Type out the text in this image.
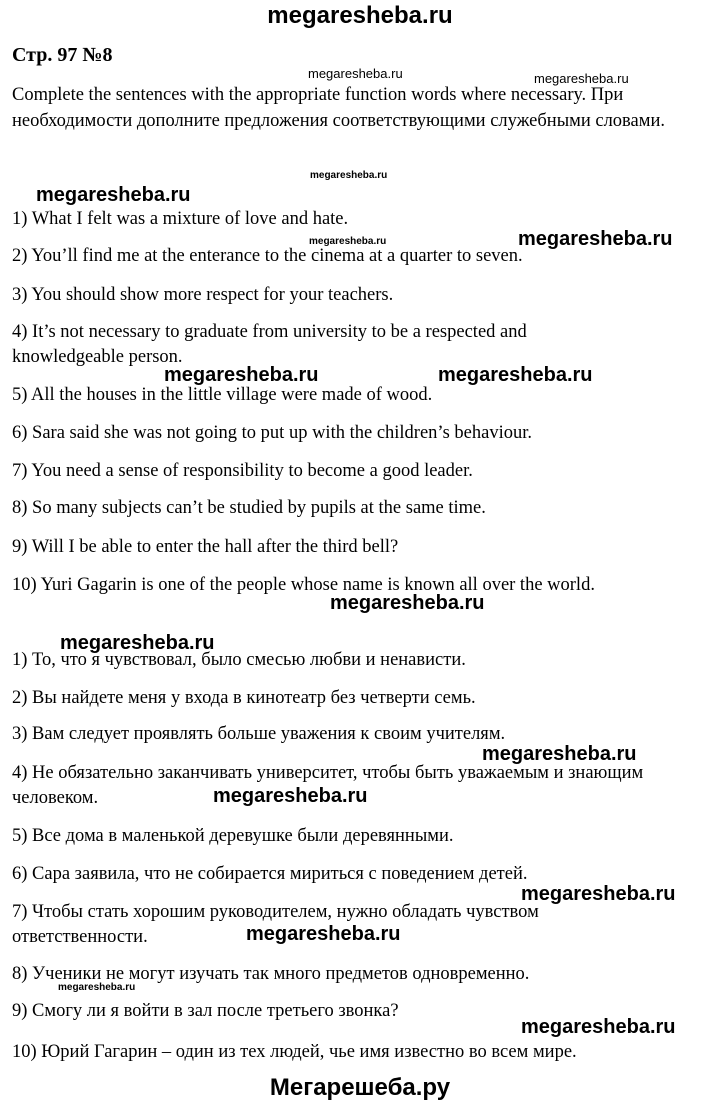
megaresheba.ru
Стр. 97 №8
Complete the sentences with the appropriate function words where necessary. При необходимости дополните предложения соответствующими служебными словами.
1) What I felt was a mixture of love and hate.
2) You’ll find me at the enterance to the cinema at a quarter to seven.
3) You should show more respect for your teachers.
4) It’s not necessary to graduate from university to be a respected and knowledgeable person.
5) All the houses in the little village were made of wood.
6) Sara said she was not going to put up with the children’s behaviour.
7) You need a sense of responsibility to become a good leader.
8) So many subjects can’t be studied by pupils at the same time.
9) Will I be able to enter the hall after the third bell?
10) Yuri Gagarin is one of the people whose name is known all over the world.
1) То, что я чувствовал, было смесью любви и ненависти.
2) Вы найдете меня у входа в кинотеатр без четверти семь.
3) Вам следует проявлять больше уважения к своим учителям.
4) Не обязательно заканчивать университет, чтобы быть уважаемым и знающим человеком.
5) Все дома в маленькой деревушке были деревянными.
6) Сара заявила, что не собирается мириться с поведением детей.
7) Чтобы стать хорошим руководителем, нужно обладать чувством ответственности.
8) Ученики не могут изучать так много предметов одновременно.
9) Смогу ли я войти в зал после третьего звонка?
10) Юрий Гагарин – один из тех людей, чье имя известно во всем мире.
megaresheba.ru	megaresheba.ru
megaresheba.ru
megaresheba.ru
megaresheba.ru	megaresheba.ru
megaresheba.ru	megaresheba.ru
megaresheba.ru
megaresheba.ru
megaresheba.ru
megaresheba.ru
megaresheba.ru
megaresheba.ru
megaresheba.ru
megaresheba.ru
Мегарешеба.ру
